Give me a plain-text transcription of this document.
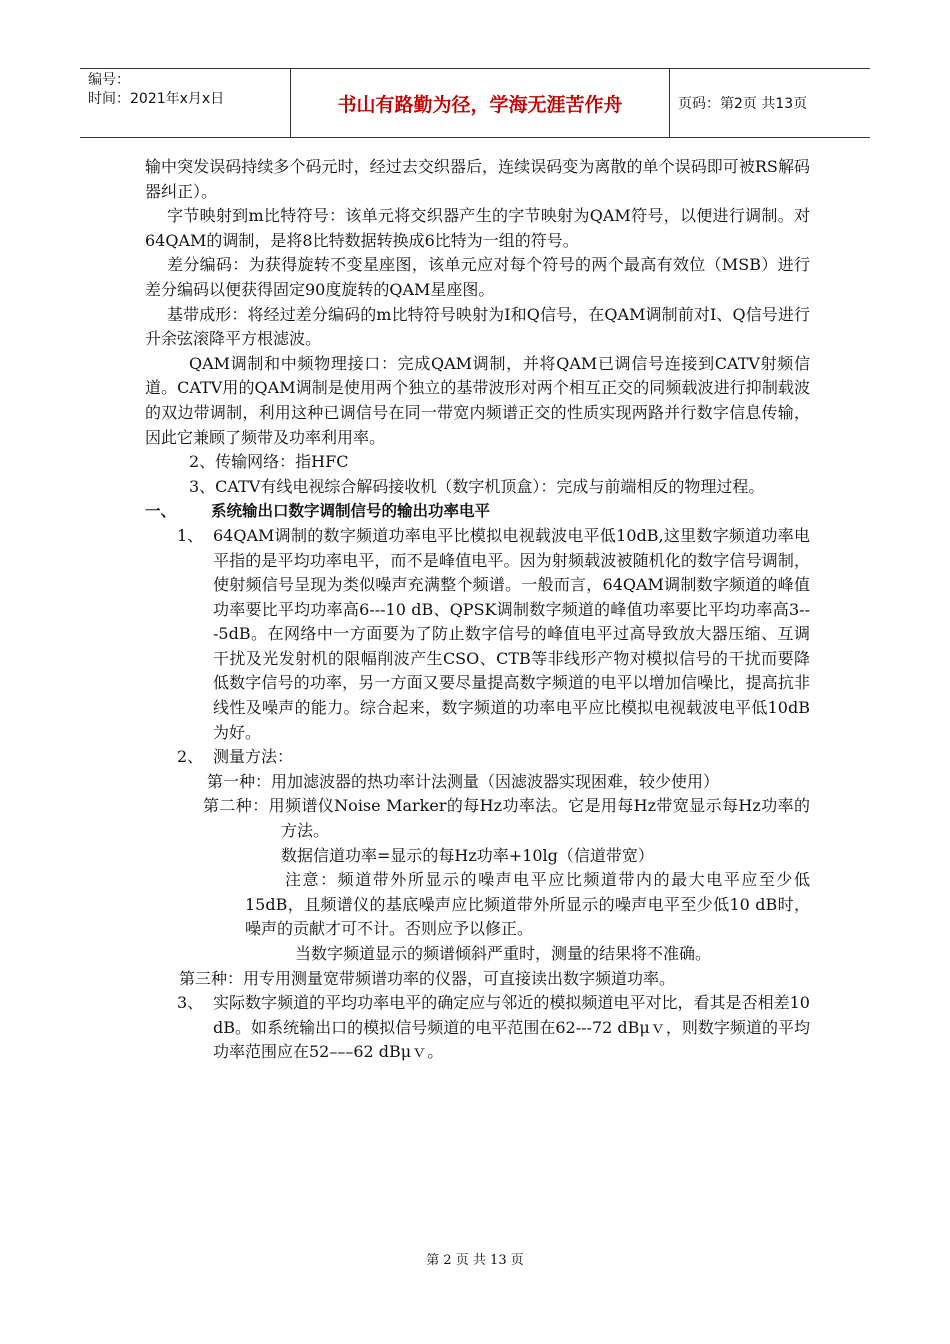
编号：
时间：2021年x月x日	书山有路勤为径，学海无涯苦作舟	页码：第2页 共13页

输中突发误码持续多个码元时，经过去交织器后，连续误码变为离散的单个误码即可被RS解码器纠正）。

字节映射到m比特符号：该单元将交织器产生的字节映射为QAM符号，以便进行调制。对64QAM的调制，是将8比特数据转换成6比特为一组的符号。

差分编码：为获得旋转不变星座图，该单元应对每个符号的两个最高有效位（MSB）进行差分编码以便获得固定90度旋转的QAM星座图。

基带成形：将经过差分编码的m比特符号映射为I和Q信号，在QAM调制前对I、Q信号进行升余弦滚降平方根滤波。

QAM调制和中频物理接口：完成QAM调制，并将QAM已调信号连接到CATV射频信道。CATV用的QAM调制是使用两个独立的基带波形对两个相互正交的同频载波进行抑制载波的双边带调制，利用这种已调信号在同一带宽内频谱正交的性质实现两路并行数字信息传输，因此它兼顾了频带及功率利用率。

2、传输网络：指HFC

3、CATV有线电视综合解码接收机（数字机顶盒）：完成与前端相反的物理过程。

一、 系统输出口数字调制信号的输出功率电平

1、 64QAM调制的数字频道功率电平比模拟电视载波电平低10dB,这里数字频道功率电平指的是平均功率电平，而不是峰值电平。因为射频载波被随机化的数字信号调制，使射频信号呈现为类似噪声充满整个频谱。一般而言，64QAM调制数字频道的峰值功率要比平均功率高6---10 dB、QPSK调制数字频道的峰值功率要比平均功率高3---5dB。在网络中一方面要为了防止数字信号的峰值电平过高导致放大器压缩、互调干扰及光发射机的限幅削波产生CSO、CTB等非线形产物对模拟信号的干扰而要降低数字信号的功率，另一方面又要尽量提高数字频道的电平以增加信噪比，提高抗非线性及噪声的能力。综合起来，数字频道的功率电平应比模拟电视载波电平低10dB为好。
2、 测量方法：

第一种：用加滤波器的热功率计法测量（因滤波器实现困难，较少使用）

第二种：用频谱仪Noise Marker的每Hz功率法。它是用每Hz带宽显示每Hz功率的方法。

数据信道功率=显示的每Hz功率+10lg（信道带宽）

注意：频道带外所显示的噪声电平应比频道带内的最大电平应至少低15dB，且频谱仪的基底噪声应比频道带外所显示的噪声电平至少低10 dB时，噪声的贡献才可不计。否则应予以修正。

当数字频道显示的频谱倾斜严重时，测量的结果将不准确。

第三种：用专用测量宽带频谱功率的仪器，可直接读出数字频道功率。

3、 实际数字频道的平均功率电平的确定应与邻近的模拟频道电平对比，看其是否相差10 dB。如系统输出口的模拟信号频道的电平范围在62---72 dBμｖ，则数字频道的平均功率范围应在52–––62 dBμｖ。
第 2 页 共 13 页
